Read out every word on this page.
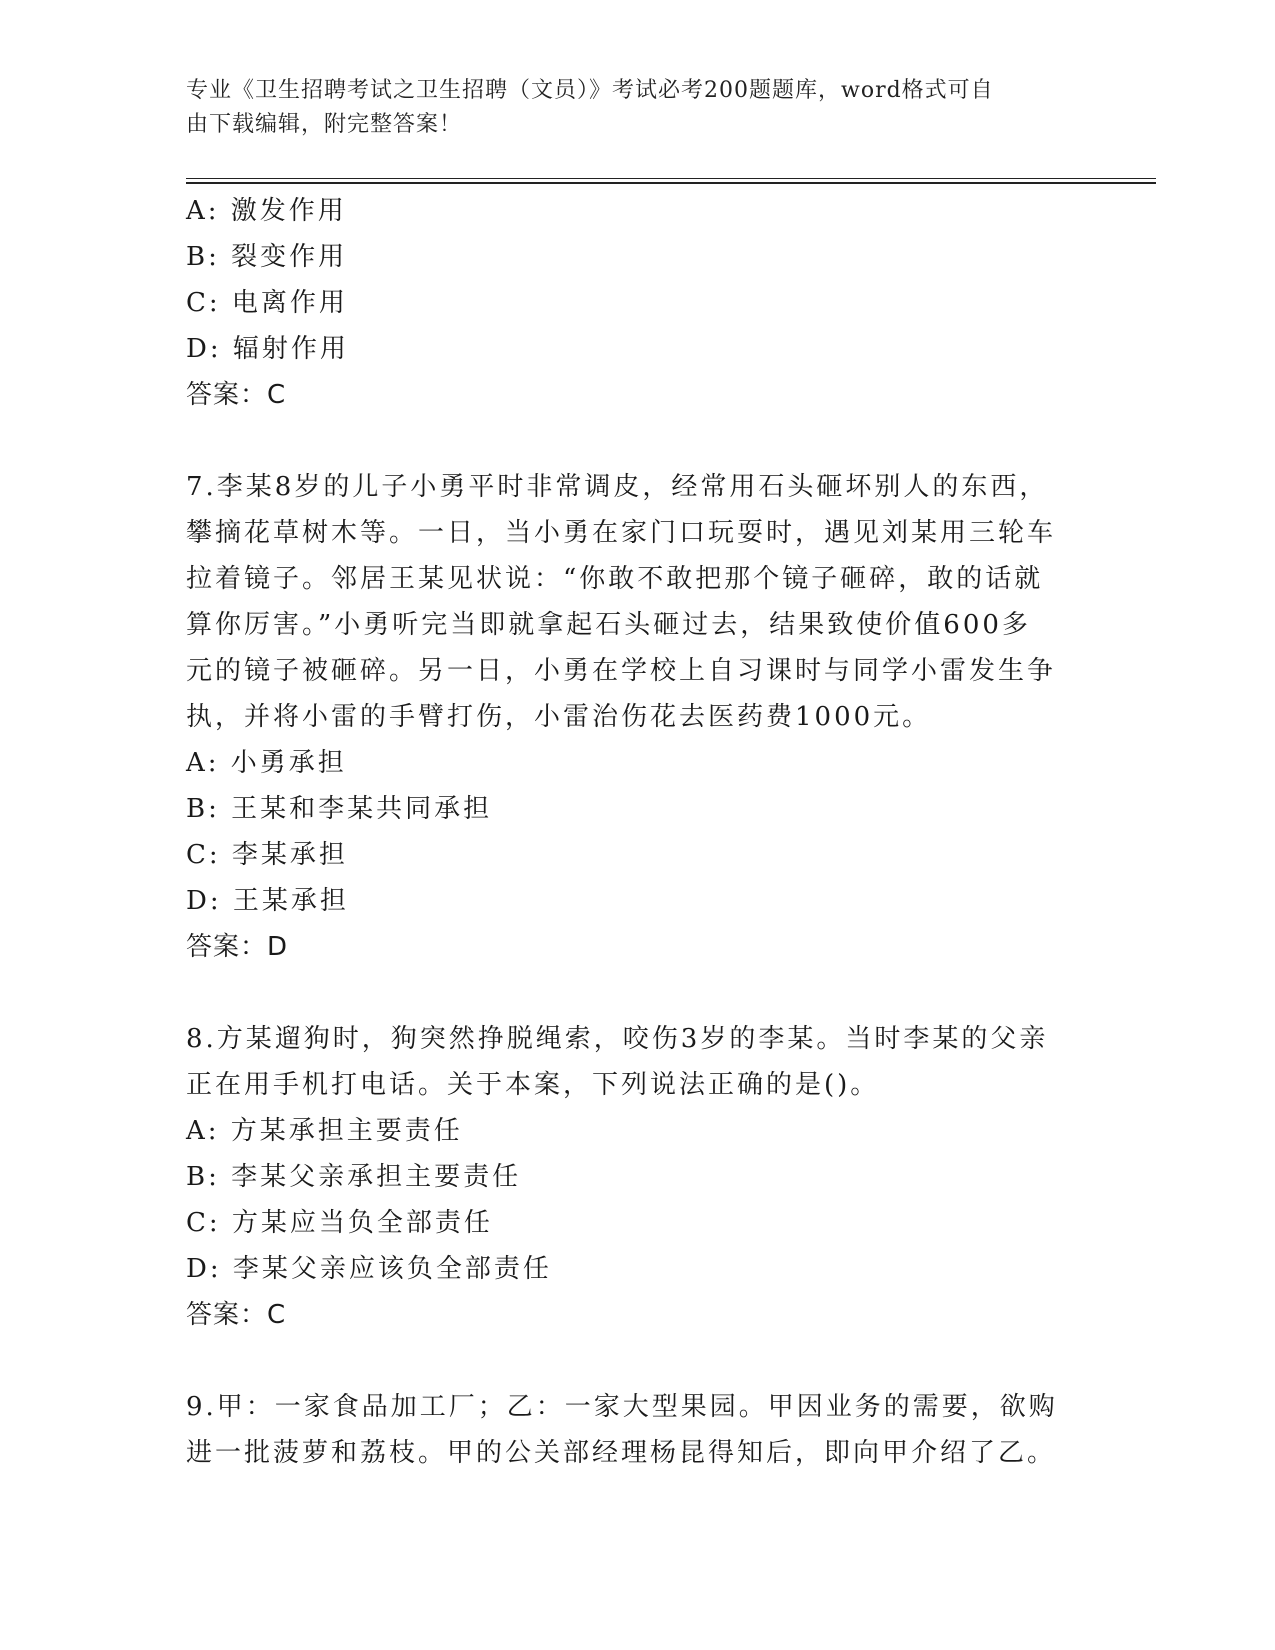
专业《卫生招聘考试之卫生招聘（文员）》考试必考200题题库，word格式可自
由下载编辑，附完整答案！

A: 激发作用

B: 裂变作用

C: 电离作用

D: 辐射作用

答案：C

7.李某8岁的儿子小勇平时非常调皮，经常用石头砸坏别人的东西，

攀摘花草树木等。一日，当小勇在家门口玩耍时，遇见刘某用三轮车

拉着镜子。邻居王某见状说：“你敢不敢把那个镜子砸碎，敢的话就

算你厉害。”小勇听完当即就拿起石头砸过去，结果致使价值600多

元的镜子被砸碎。另一日，小勇在学校上自习课时与同学小雷发生争

执，并将小雷的手臂打伤，小雷治伤花去医药费1000元。

A: 小勇承担

B: 王某和李某共同承担

C: 李某承担

D: 王某承担

答案：D

8.方某遛狗时，狗突然挣脱绳索，咬伤3岁的李某。当时李某的父亲

正在用手机打电话。关于本案，下列说法正确的是()。

A: 方某承担主要责任

B: 李某父亲承担主要责任

C: 方某应当负全部责任

D: 李某父亲应该负全部责任

答案：C

9.甲：一家食品加工厂；乙：一家大型果园。甲因业务的需要，欲购

进一批菠萝和荔枝。甲的公关部经理杨昆得知后，即向甲介绍了乙。
